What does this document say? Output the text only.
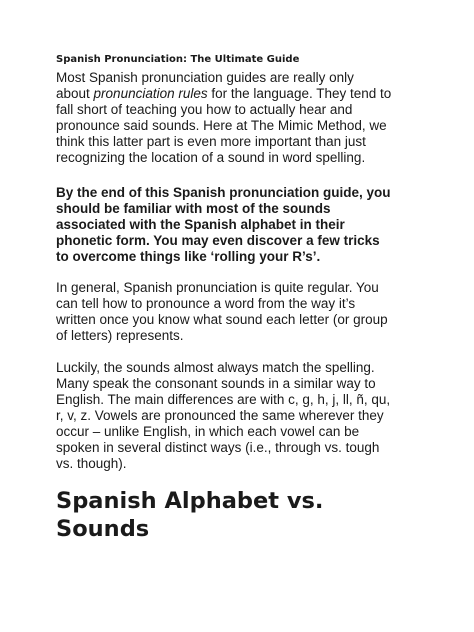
Spanish Pronunciation: The Ultimate Guide
Most Spanish pronunciation guides are really only
about pronunciation rules for the language. They tend to
fall short of teaching you how to actually hear and
pronounce said sounds. Here at The Mimic Method, we
think this latter part is even more important than just
recognizing the location of a sound in word spelling.
By the end of this Spanish pronunciation guide, you
should be familiar with most of the sounds
associated with the Spanish alphabet in their
phonetic form. You may even discover a few tricks
to overcome things like ‘rolling your R’s’.
In general, Spanish pronunciation is quite regular. You
can tell how to pronounce a word from the way it’s
written once you know what sound each letter (or group
of letters) represents.
Luckily, the sounds almost always match the spelling.
Many speak the consonant sounds in a similar way to
English. The main differences are with c, g, h, j, ll, ñ, qu,
r, v, z. Vowels are pronounced the same wherever they
occur – unlike English, in which each vowel can be
spoken in several distinct ways (i.e., through vs. tough
vs. though).
Spanish Alphabet vs.
Sounds
